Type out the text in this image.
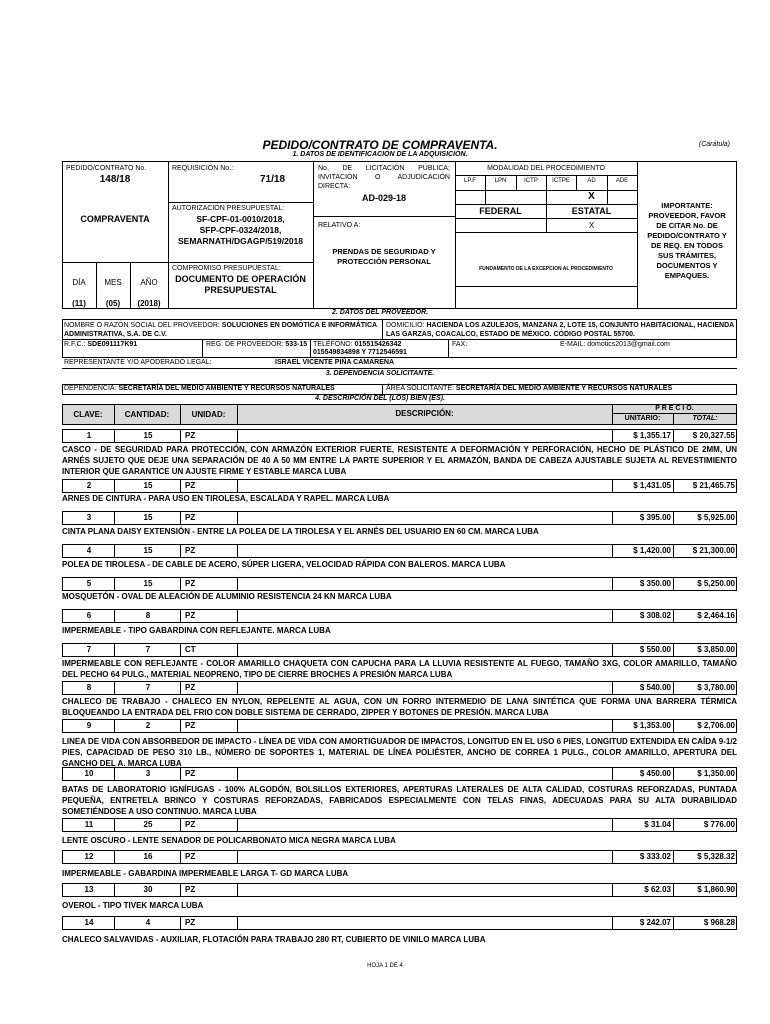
PEDIDO/CONTRATO DE COMPRAVENTA.	(Carátula)
1. DATOS DE IDENTIFICACIÓN DE LA ADQUISICIÓN.
PEDIDO/CONTRATO No.
148/18
REQUISICIÓN No.:
71/18
No. DE LICITACIÓN PÚBLICA; INVITACIÓN O ADJUDICACIÓN DIRECTA:
AD-029-18
MODALIDAD DEL PROCEDIMIENTO
LP.F	LPN	ICTP	ICTPE	AD	ADE
X
FEDERAL	ESTATAL
X
FUNDAMENTO DE LA EXCEPCION AL PROCEDIMIENTO
COMPRAVENTA
AUTORIZACIÓN PRESUPUESTAL:
SF-CPF-01-0010/2018,
SFP-CPF-0324/2018,
SEMARNATH/DGAGP/519/2018
RELATIVO A:
PRENDAS DE SEGURIDAD Y
PROTECCIÓN PERSONAL
IMPORTANTE:
PROVEEDOR, FAVOR
DE CITAR No. DE
PEDIDO/CONTRATO Y
DE REQ. EN TODOS
SUS TRÁMITES,
DOCUMENTOS Y
EMPAQUES.
DÍA	MES	AÑO
(11)	(05)	(2018)
COMPROMISO PRESUPUESTAL:
DOCUMENTO DE OPERACIÓN
PRESUPUESTAL
2. DATOS DEL PROVEEDOR.
NOMBRE O RAZÓN SOCIAL DEL PROVEEDOR: SOLUCIONES EN DOMÓTICA E INFORMÁTICA ADMINISTRATIVA, S.A. DE C.V.
DOMICILIO: HACIENDA LOS AZULEJOS, MANZANA 2, LOTE 15, CONJUNTO HABITACIONAL, HACIENDA LAS GARZAS, COACALCO, ESTADO DE MÉXICO. CÓDIGO POSTAL 55700.
R.F.C.: SDE091117K91	REG. DE PROVEEDOR: 533-15 TELÉFONO: 015515426342
015549834898 Y 7712546591
FAX:	E-MAIL: domotics2013@gmail.com
REPRESENTANTE Y/O APODERADO LEGAL:	ISRAEL VICENTE PIÑA CAMARENA
3. DEPENDENCIA SOLICITANTE.
DEPENDENCIA: SECRETARÍA DEL MEDIO AMBIENTE Y RECURSOS NATURALES	ÁREA SOLICITANTE: SECRETARÍA DEL MEDIO AMBIENTE Y RECURSOS NATURALES
4. DESCRIPCIÓN DEL (LOS) BIEN (ES).
CLAVE:	CANTIDAD:	UNIDAD:	DESCRIPCIÓN:
P R E C I O.
UNITARIO:	TOTAL:
1	15	PZ	$ 1,355.17	$ 20,327.55
CASCO - DE SEGURIDAD PARA PROTECCIÓN, CON ARMAZÓN EXTERIOR FUERTE, RESISTENTE A DEFORMACIÓN Y PERFORACIÓN, HECHO DE PLÁSTICO DE 2MM, UN ARNÉS SUJETO QUE DEJE UNA SEPARACIÓN DE 40 A 50 MM ENTRE LA PARTE SUPERIOR Y EL ARMAZÓN, BANDA DE CABEZA AJUSTABLE SUJETA AL REVESTIMIENTO INTERIOR QUE GARANTICE UN AJUSTE FIRME Y ESTABLE MARCA LUBA
2	15	PZ	$ 1,431.05	$ 21,465.75
ARNES DE CINTURA - PARA USO EN TIROLESA, ESCALADA Y RAPEL. MARCA LUBA
3	15	PZ	$ 395.00	$ 5,925.00
CINTA PLANA DAISY EXTENSIÓN - ENTRE LA POLEA DE LA TIROLESA Y EL ARNÉS DEL USUARIO EN 60 CM. MARCA LUBA
4	15	PZ	$ 1,420.00	$ 21,300.00
POLEA DE TIROLESA - DE CABLE DE ACERO, SÚPER LIGERA, VELOCIDAD RÁPIDA CON BALEROS. MARCA LUBA
5	15	PZ	$ 350.00	$ 5,250.00
MOSQUETÓN - OVAL DE ALEACIÓN DE ALUMINIO RESISTENCIA 24 KN MARCA LUBA
6	8	PZ	$ 308.02	$ 2,464.16
IMPERMEABLE - TIPO GABARDINA CON REFLEJANTE. MARCA LUBA
7	7	CT	$ 550.00	$ 3,850.00
IMPERMEABLE CON REFLEJANTE - COLOR AMARILLO CHAQUETA CON CAPUCHA PARA LA LLUVIA RESISTENTE AL FUEGO, TAMAÑO 3XG, COLOR AMARILLO, TAMAÑO DEL PECHO 64 PULG., MATERIAL NEOPRENO, TIPO DE CIERRE BROCHES A PRESIÓN MARCA LUBA
8	7	PZ	$ 540.00	$ 3,780.00
CHALECO DE TRABAJO - CHALECO EN NYLON, REPELENTE AL AGUA, CON UN FORRO INTERMEDIO DE LANA SINTÉTICA QUE FORMA UNA BARRERA TÉRMICA BLOQUEANDO LA ENTRADA DEL FRIO CON DOBLE SISTEMA DE CERRADO, ZIPPER Y BOTONES DE PRESIÓN. MARCA LUBA
9	2	PZ	$ 1,353.00	$ 2,706.00
LINEA DE VIDA CON ABSORBEDOR DE IMPACTO - LÍNEA DE VIDA CON AMORTIGUADOR DE IMPACTOS, LONGITUD EN EL USO 6 PIES, LONGITUD EXTENDIDA EN CAÍDA 9-1/2 PIES, CAPACIDAD DE PESO 310 LB., NÚMERO DE SOPORTES 1, MATERIAL DE LÍNEA POLIÉSTER, ANCHO DE CORREA 1 PULG., COLOR AMARILLO, APERTURA DEL GANCHO DEL A. MARCA LUBA
10	3	PZ	$ 450.00	$ 1,350.00
BATAS DE LABORATORIO IGNÍFUGAS - 100% ALGODÓN, BOLSILLOS EXTERIORES, APERTURAS LATERALES DE ALTA CALIDAD, COSTURAS REFORZADAS, PUNTADA PEQUEÑA, ENTRETELA BRINCO Y COSTURAS REFORZADAS, FABRICADOS ESPECIALMENTE CON TELAS FINAS, ADECUADAS PARA SU ALTA DURABILIDAD SOMETIÉNDOSE A USO CONTINUO. MARCA LUBA
11	25	PZ	$ 31.04	$ 776.00
LENTE OSCURO - LENTE SENADOR DE POLICARBONATO MICA NEGRA MARCA LUBA
12	16	PZ	$ 333.02	$ 5,328.32
IMPERMEABLE - GABARDINA IMPERMEABLE LARGA T- GD MARCA LUBA
13	30	PZ	$ 62.03	$ 1,860.90
OVEROL - TIPO TIVEK MARCA LUBA
14	4	PZ	$ 242.07	$ 968.28
CHALECO SALVAVIDAS - AUXILIAR, FLOTACIÓN PARA TRABAJO 280 RT, CUBIERTO DE VINILO MARCA LUBA
HOJA 1 DE 4
